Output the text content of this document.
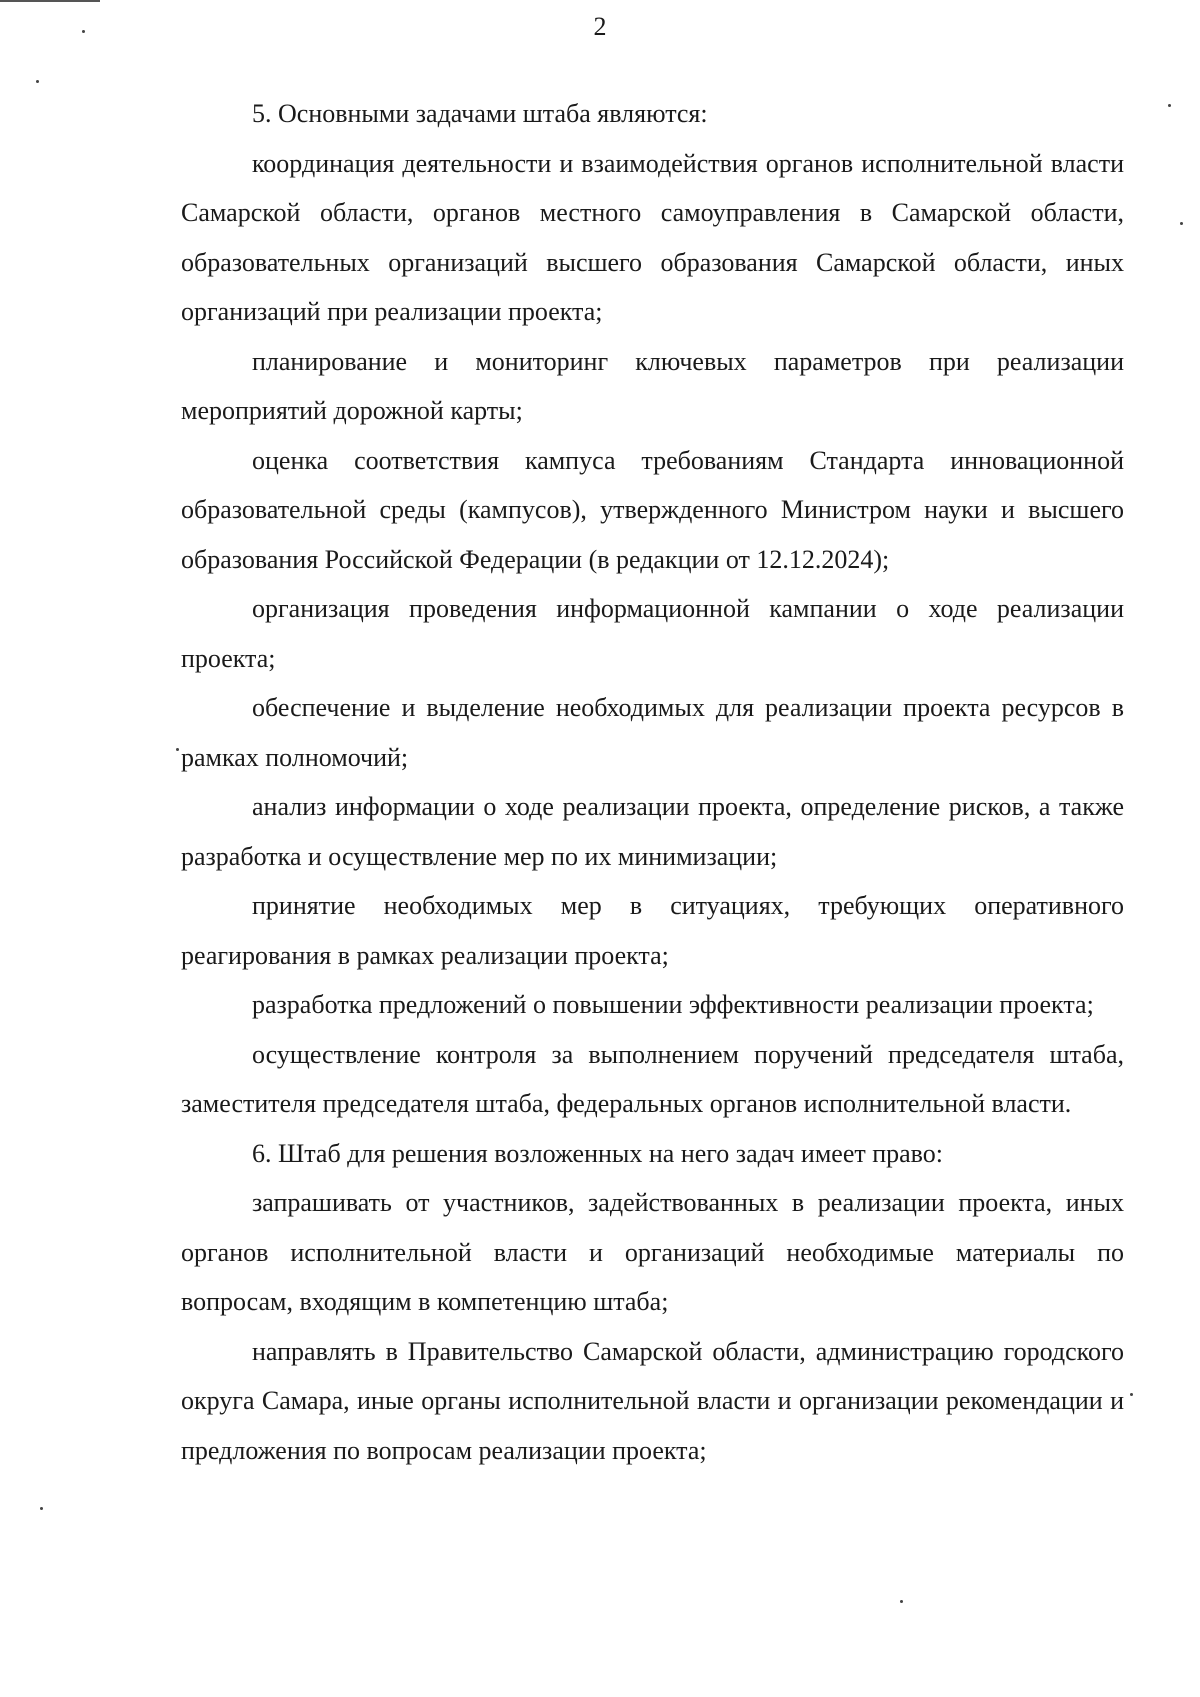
2

5. Основными задачами штаба являются:

координация деятельности и взаимодействия органов исполнительной власти Самарской области, органов местного самоуправления в Самарской области, образовательных организаций высшего образования Самарской области, иных организаций при реализации проекта;

планирование и мониторинг ключевых параметров при реализации мероприятий дорожной карты;

оценка соответствия кампуса требованиям Стандарта инновационной образовательной среды (кампусов), утвержденного Министром науки и высшего образования Российской Федерации (в редакции от 12.12.2024);

организация проведения информационной кампании о ходе реализации проекта;

обеспечение и выделение необходимых для реализации проекта ресурсов в рамках полномочий;

анализ информации о ходе реализации проекта, определение рисков, а также разработка и осуществление мер по их минимизации;

принятие необходимых мер в ситуациях, требующих оперативного реагирования в рамках реализации проекта;

разработка предложений о повышении эффективности реализации проекта;

осуществление контроля за выполнением поручений председателя штаба, заместителя председателя штаба, федеральных органов исполнительной власти.

6. Штаб для решения возложенных на него задач имеет право:

запрашивать от участников, задействованных в реализации проекта, иных органов исполнительной власти и организаций необходимые материалы по вопросам, входящим в компетенцию штаба;

направлять в Правительство Самарской области, администрацию городского округа Самара, иные органы исполнительной власти и организации рекомендации и предложения по вопросам реализации проекта;
